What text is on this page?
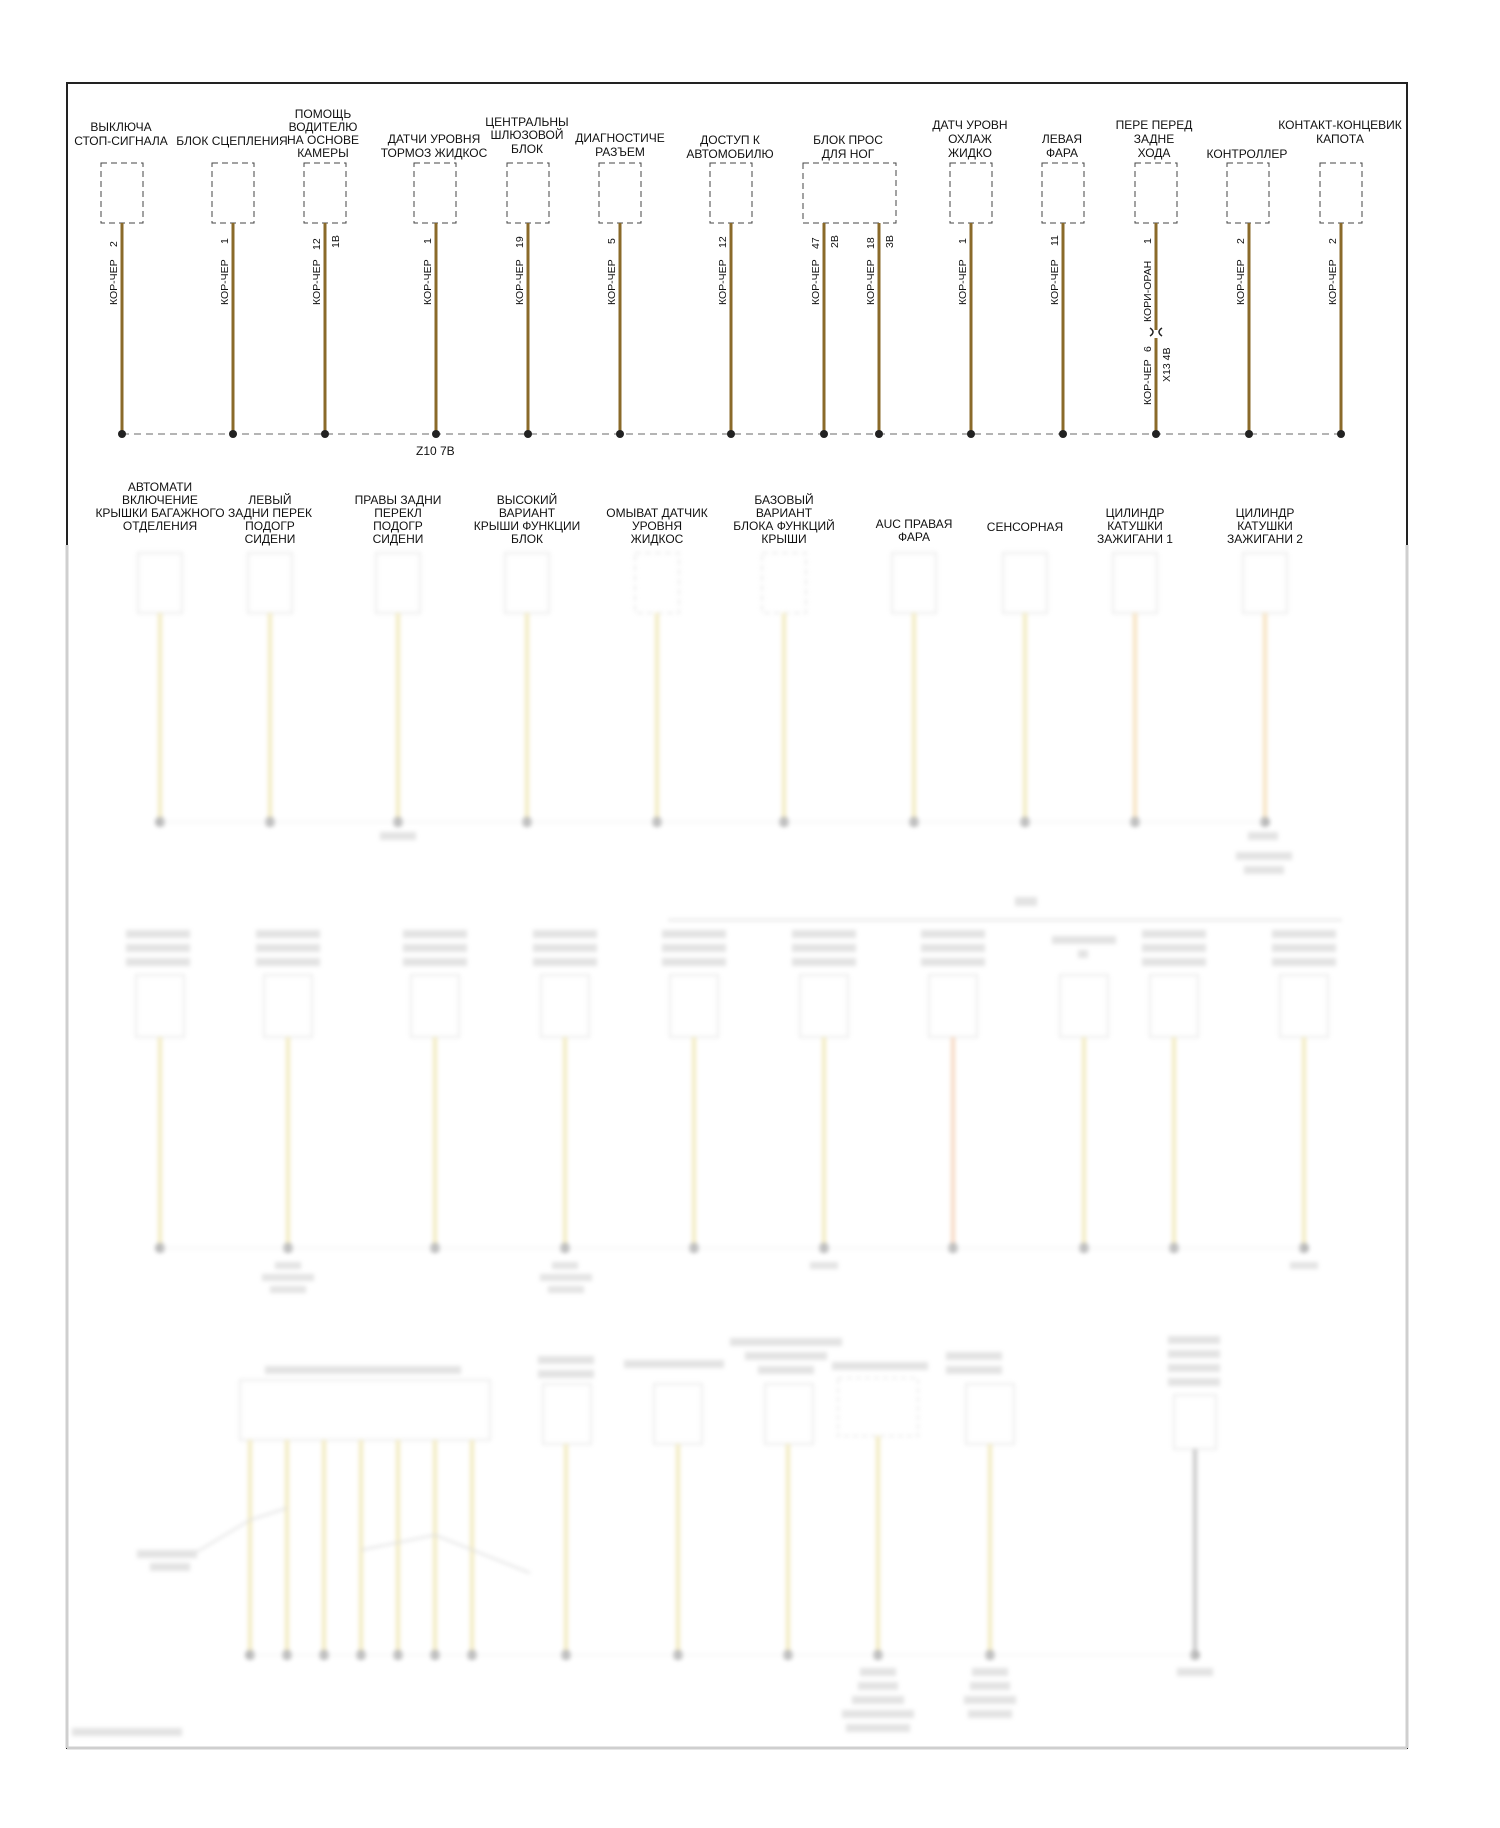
Z10 7B
ВЫКЛЮЧА
СТОП-СИГНАЛА
2
КОР-ЧЕР
БЛОК СЦЕПЛЕНИЯ
1
КОР-ЧЕР
ПОМОЩЬ
ВОДИТЕЛЮ
НА ОСНОВЕ
КАМЕРЫ
12 1B
КОР-ЧЕР
ДАТЧИ УРОВНЯ
ТОРМОЗ ЖИДКОС
1
КОР-ЧЕР
ЦЕНТРАЛЬНЫ
ШЛЮЗОВОЙ
БЛОК
19
КОР-ЧЕР
ДИАГНОСТИЧЕ
РАЗЪЕМ
5
КОР-ЧЕР
ДОСТУП К
АВТОМОБИЛЮ
12
КОР-ЧЕР
БЛОК ПРОС
ДЛЯ НОГ
47 2B 18 3B
КОР-ЧЕР	КОР-ЧЕР
ДАТЧ УРОВН
ОХЛАЖ
ЖИДКО
1
КОР-ЧЕР
ЛЕВАЯ
ФАРА
11
КОР-ЧЕР
ПЕРЕ ПЕРЕД
ЗАДНЕ
ХОДА
1
КОРИ-ОРАН
6 X13 4B
КОР-ЧЕР
КОНТРОЛЛЕР
2
КОР-ЧЕР
КОНТАКТ-КОНЦЕВИК
КАПОТА
2
КОР-ЧЕР
АВТОМАТИ
ВКЛЮЧЕНИЕ
КРЫШКИ БАГАЖНОГО
ОТДЕЛЕНИЯ
ЛЕВЫЙ
ЗАДНИ ПЕРЕК
ПОДОГР
СИДЕНИ
ПРАВЫ ЗАДНИ
ПЕРЕКЛ
ПОДОГР
СИДЕНИ
ВЫСОКИЙ
ВАРИАНТ
КРЫШИ ФУНКЦИИ
БЛОК
ОМЫВАТ ДАТЧИК
УРОВНЯ
ЖИДКОС
БАЗОВЫЙ
ВАРИАНТ
БЛОКА ФУНКЦИЙ
КРЫШИ
AUC ПРАВАЯ
ФАРА
СЕНСОРНАЯ
ЦИЛИНДР
КАТУШКИ
ЗАЖИГАНИ 1
ЦИЛИНДР
КАТУШКИ
ЗАЖИГАНИ 2
